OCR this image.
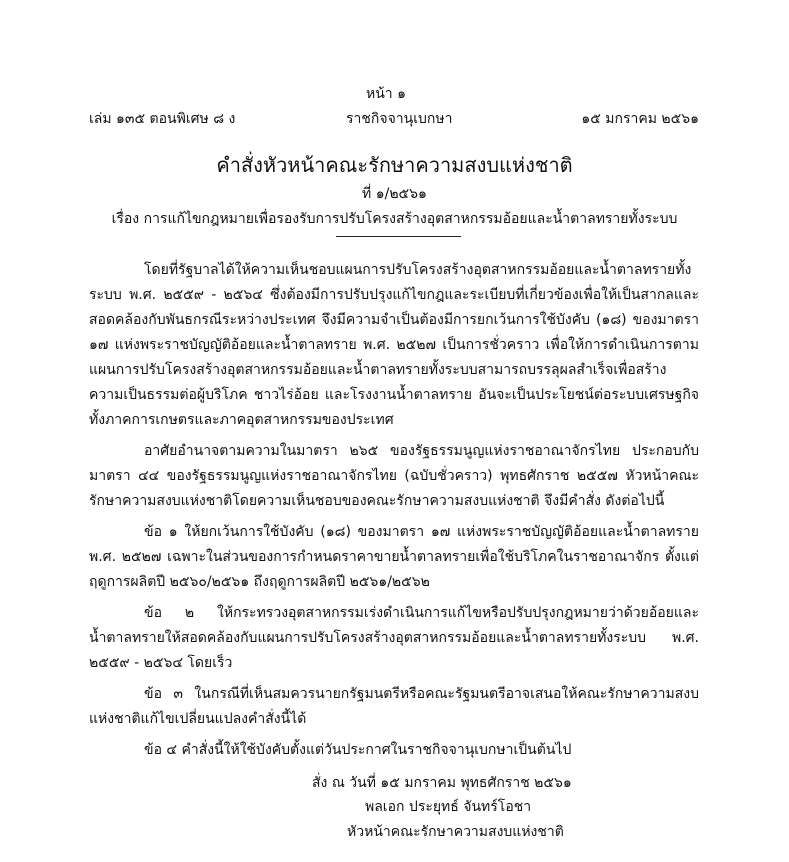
หน้า ๑
เล่ม ๑๓๕ ตอนพิเศษ ๘ ง	ราชกิจจานุเบกษา	๑๕ มกราคม ๒๕๖๑
คำสั่งหัวหน้าคณะรักษาความสงบแห่งชาติ
ที่ ๑/๒๕๖๑
เรื่อง การแก้ไขกฎหมายเพื่อรองรับการปรับโครงสร้างอุตสาหกรรมอ้อยและน้ำตาลทรายทั้งระบบ

โดยที่รัฐบาลได้ให้ความเห็นชอบแผนการปรับโครงสร้างอุตสาหกรรมอ้อยและน้ำตาลทรายทั้งระบบ พ.ศ. ๒๕๕๙ - ๒๕๖๔ ซึ่งต้องมีการปรับปรุงแก้ไขกฎและระเบียบที่เกี่ยวข้องเพื่อให้เป็นสากลและสอดคล้องกับพันธกรณีระหว่างประเทศ จึงมีความจำเป็นต้องมีการยกเว้นการใช้บังคับ (๑๘) ของมาตรา ๑๗ แห่งพระราชบัญญัติอ้อยและน้ำตาลทราย พ.ศ. ๒๕๒๗ เป็นการชั่วคราว เพื่อให้การดำเนินการตามแผนการปรับโครงสร้างอุตสาหกรรมอ้อยและน้ำตาลทรายทั้งระบบสามารถบรรลุผลสำเร็จเพื่อสร้างความเป็นธรรมต่อผู้บริโภค ชาวไร่อ้อย และโรงงานน้ำตาลทราย อันจะเป็นประโยชน์ต่อระบบเศรษฐกิจทั้งภาคการเกษตรและภาคอุตสาหกรรมของประเทศ

อาศัยอำนาจตามความในมาตรา ๒๖๕ ของรัฐธรรมนูญแห่งราชอาณาจักรไทย ประกอบกับมาตรา ๔๔ ของรัฐธรรมนูญแห่งราชอาณาจักรไทย (ฉบับชั่วคราว) พุทธศักราช ๒๕๕๗ หัวหน้าคณะรักษาความสงบแห่งชาติโดยความเห็นชอบของคณะรักษาความสงบแห่งชาติ จึงมีคำสั่ง ดังต่อไปนี้

ข้อ ๑ ให้ยกเว้นการใช้บังคับ (๑๘) ของมาตรา ๑๗ แห่งพระราชบัญญัติอ้อยและน้ำตาลทราย พ.ศ. ๒๕๒๗ เฉพาะในส่วนของการกำหนดราคาขายน้ำตาลทรายเพื่อใช้บริโภคในราชอาณาจักร ตั้งแต่ฤดูการผลิตปี ๒๕๖๐/๒๕๖๑ ถึงฤดูการผลิตปี ๒๕๖๑/๒๕๖๒

ข้อ ๒ ให้กระทรวงอุตสาหกรรมเร่งดำเนินการแก้ไขหรือปรับปรุงกฎหมายว่าด้วยอ้อยและน้ำตาลทรายให้สอดคล้องกับแผนการปรับโครงสร้างอุตสาหกรรมอ้อยและน้ำตาลทรายทั้งระบบ พ.ศ. ๒๕๕๙ - ๒๕๖๔ โดยเร็ว

ข้อ ๓ ในกรณีที่เห็นสมควรนายกรัฐมนตรีหรือคณะรัฐมนตรีอาจเสนอให้คณะรักษาความสงบแห่งชาติแก้ไขเปลี่ยนแปลงคำสั่งนี้ได้

ข้อ ๔ คำสั่งนี้ให้ใช้บังคับตั้งแต่วันประกาศในราชกิจจานุเบกษาเป็นต้นไป

สั่ง ณ วันที่ ๑๕ มกราคม พุทธศักราช ๒๕๖๑
พลเอก ประยุทธ์ จันทร์โอชา
หัวหน้าคณะรักษาความสงบแห่งชาติ
